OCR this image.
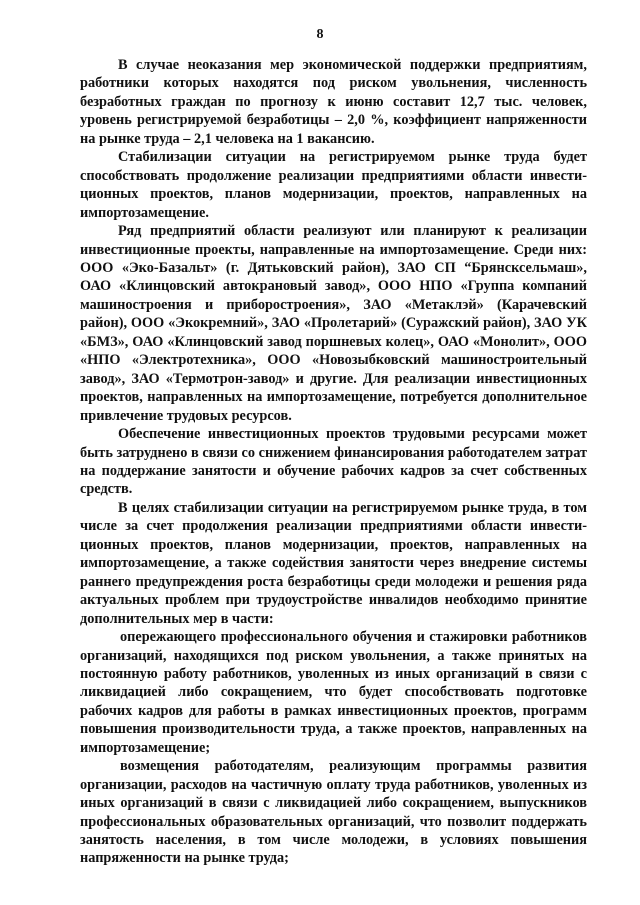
8

В случае неоказания мер экономической поддержки предприятиям, работники которых находятся под риском увольнения, численность безработных граждан по прогнозу к июню составит 12,7 тыс. человек, уровень регистрируемой безработицы – 2,0 %, коэффициент напряженности на рынке труда – 2,1 человека на 1 вакансию.

Стабилизации ситуации на регистрируемом рынке труда будет способствовать продолжение реализации предприятиями области инвестиционных проектов, планов модернизации, проектов, направленных на импортозамещение.

Ряд предприятий области реализуют или планируют к реализации инвестиционные проекты, направленные на импортозамещение. Среди них: ООО «Эко-Базальт» (г. Дятьковский район), ЗАО СП “Брянсксельмаш», ОАО «Клинцовский автокрановый завод», ООО НПО «Группа компаний машиностроения и приборостроения», ЗАО «Метаклэй» (Карачевский район), ООО «Экокремний», ЗАО «Пролетарий» (Суражский район), ЗАО УК «БМЗ», ОАО «Клинцовский завод поршневых колец», ОАО «Монолит», ООО «НПО «Электротехника», ООО «Новозыбковский машиностроительный завод», ЗАО «Термотрон-завод» и другие. Для реализации инвестиционных проектов, направленных на импортозамещение, потребуется дополнительное привлечение трудовых ресурсов.

Обеспечение инвестиционных проектов трудовыми ресурсами может быть затруднено в связи со снижением финансирования работодателем затрат на поддержание занятости и обучение рабочих кадров за счет собственных средств.

В целях стабилизации ситуации на регистрируемом рынке труда, в том числе за счет продолжения реализации предприятиями области инвестиционных проектов, планов модернизации, проектов, направленных на импортозамещение, а также содействия занятости через внедрение системы раннего предупреждения роста безработицы среди молодежи и решения ряда актуальных проблем при трудоустройстве инвалидов необходимо принятие дополнительных мер в части:

опережающего профессионального обучения и стажировки работников организаций, находящихся под риском увольнения, а также принятых на постоянную работу работников, уволенных из иных организаций в связи с ликвидацией либо сокращением, что будет способствовать подготовке рабочих кадров для работы в рамках инвестиционных проектов, программ повышения производительности труда, а также проектов, направленных на импортозамещение;

возмещения работодателям, реализующим программы развития организации, расходов на частичную оплату труда работников, уволенных из иных организаций в связи с ликвидацией либо сокращением, выпускников профессиональных образовательных организаций, что позволит поддержать занятость населения, в том числе молодежи, в условиях повышения напряженности на рынке труда;
